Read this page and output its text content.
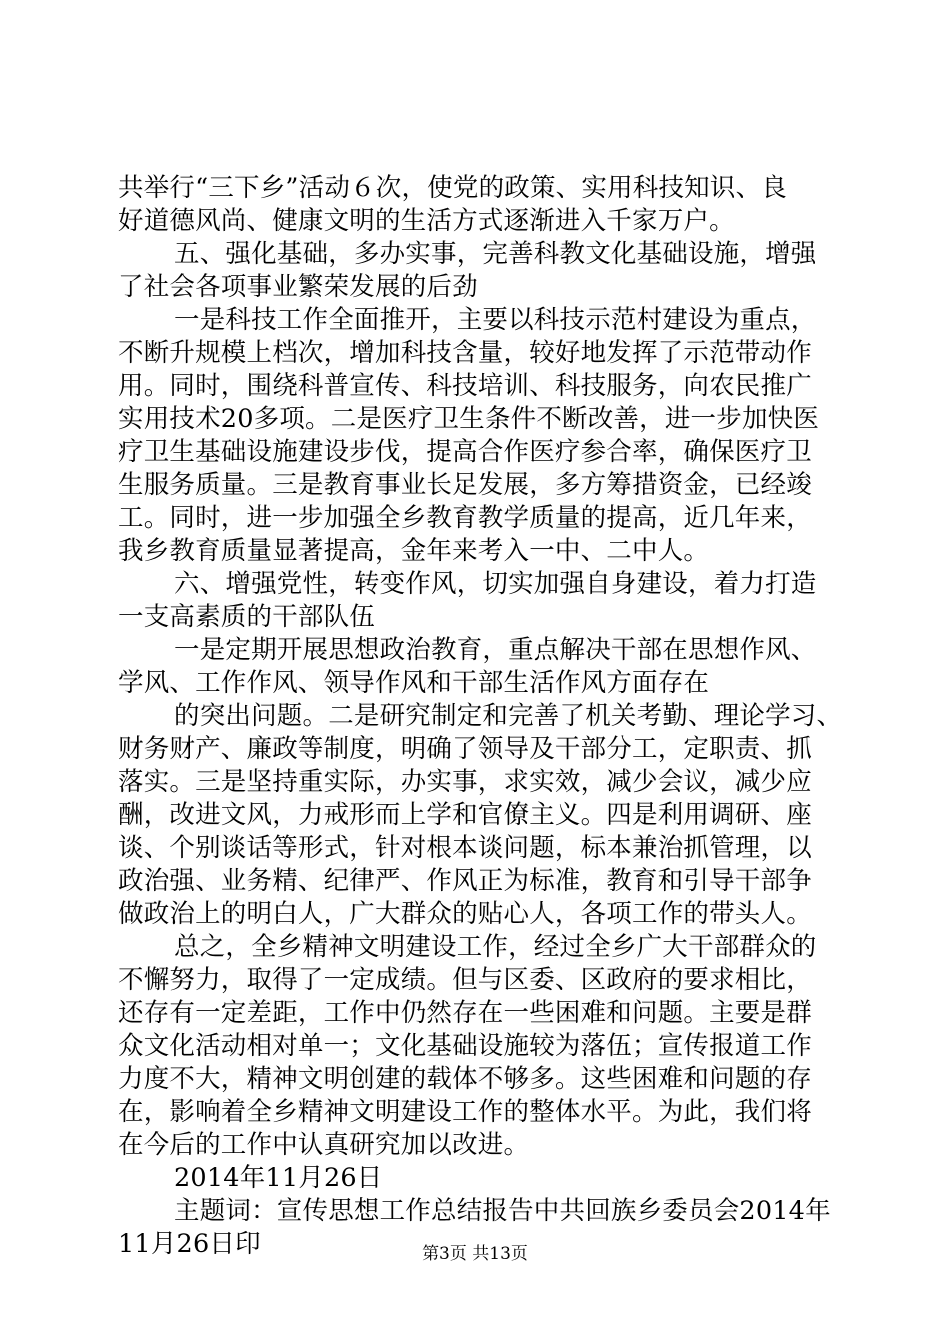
共举行“三下乡”活动６次，使党的政策、实用科技知识、良
好道德风尚、健康文明的生活方式逐渐进入千家万户。
五、强化基础，多办实事，完善科教文化基础设施，增强
了社会各项事业繁荣发展的后劲
一是科技工作全面推开，主要以科技示范村建设为重点，
不断升规模上档次，增加科技含量，较好地发挥了示范带动作
用。同时，围绕科普宣传、科技培训、科技服务，向农民推广
实用技术20多项。二是医疗卫生条件不断改善，进一步加快医
疗卫生基础设施建设步伐，提高合作医疗参合率，确保医疗卫
生服务质量。三是教育事业长足发展，多方筹措资金，已经竣
工。同时，进一步加强全乡教育教学质量的提高，近几年来，
我乡教育质量显著提高，金年来考入一中、二中人。
六、增强党性，转变作风，切实加强自身建设，着力打造
一支高素质的干部队伍
一是定期开展思想政治教育，重点解决干部在思想作风、
学风、工作作风、领导作风和干部生活作风方面存在
的突出问题。二是研究制定和完善了机关考勤、理论学习、
财务财产、廉政等制度，明确了领导及干部分工，定职责、抓
落实。三是坚持重实际，办实事，求实效，减少会议，减少应
酬，改进文风，力戒形而上学和官僚主义。四是利用调研、座
谈、个别谈话等形式，针对根本谈问题，标本兼治抓管理，以
政治强、业务精、纪律严、作风正为标准，教育和引导干部争
做政治上的明白人，广大群众的贴心人，各项工作的带头人。
总之，全乡精神文明建设工作，经过全乡广大干部群众的
不懈努力，取得了一定成绩。但与区委、区政府的要求相比，
还存有一定差距，工作中仍然存在一些困难和问题。主要是群
众文化活动相对单一；文化基础设施较为落伍；宣传报道工作
力度不大，精神文明创建的载体不够多。这些困难和问题的存
在，影响着全乡精神文明建设工作的整体水平。为此，我们将
在今后的工作中认真研究加以改进。
2014年11月26日
主题词：宣传思想工作总结报告中共回族乡委员会2014年
11月26日印	第3页 共13页
